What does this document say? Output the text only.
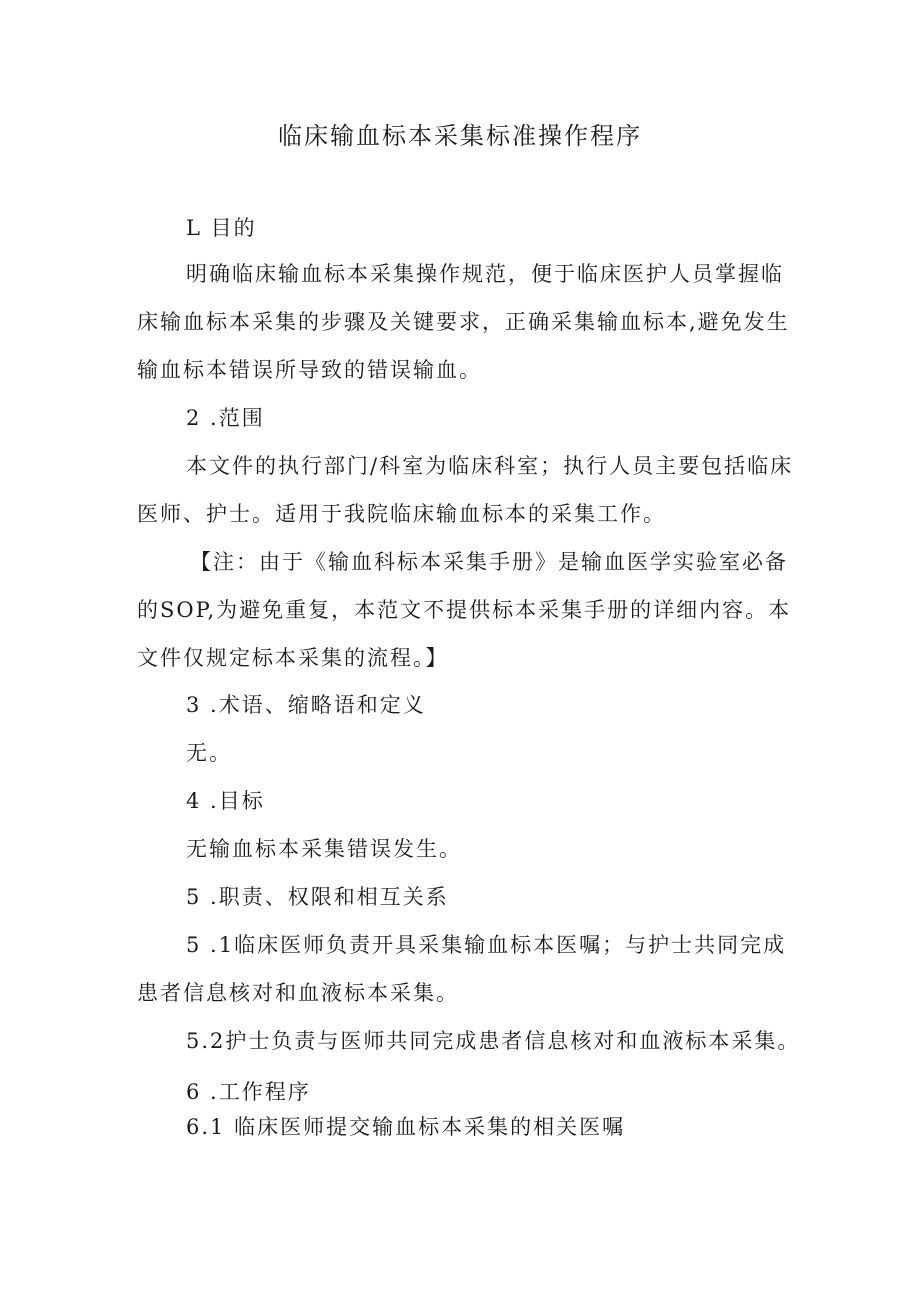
临床输血标本采集标准操作程序
L 目的
明确临床输血标本采集操作规范，便于临床医护人员掌握临
床输血标本采集的步骤及关键要求，正确采集输血标本,避免发生
输血标本错误所导致的错误输血。
2 .范围
本文件的执行部门/科室为临床科室；执行人员主要包括临床
医师、护士。适用于我院临床输血标本的采集工作。
【注：由于《输血科标本采集手册》是输血医学实验室必备
的SOP,为避免重复，本范文不提供标本采集手册的详细内容。本
文件仅规定标本采集的流程。】
3 .术语、缩略语和定义
无。
4 .目标
无输血标本采集错误发生。
5 .职责、权限和相互关系
5 .1临床医师负责开具采集输血标本医嘱；与护士共同完成
患者信息核对和血液标本采集。
5.2护士负责与医师共同完成患者信息核对和血液标本采集。
6 .工作程序
6.1 临床医师提交输血标本采集的相关医嘱
